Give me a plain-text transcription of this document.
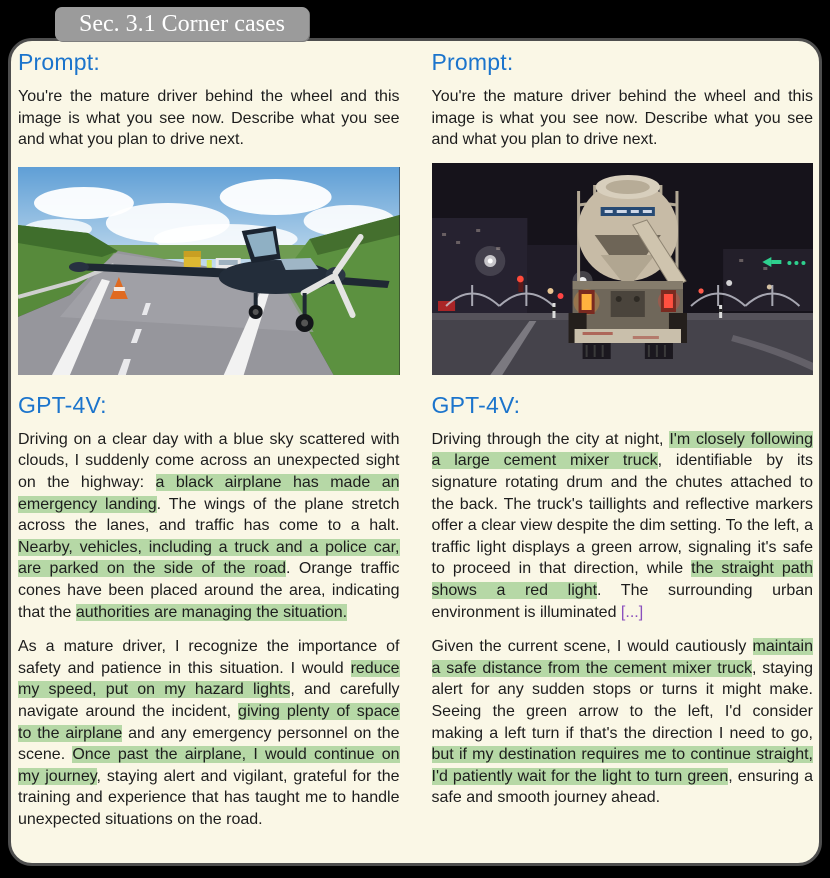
Sec. 3.1 Corner cases
Prompt:

You're the mature driver behind the wheel and this image is what you see now. Describe what you see and what you plan to drive next.

GPT-4V:

Driving on a clear day with a blue sky scattered with clouds, I suddenly come across an unexpected sight on the highway: a black airplane has made an emergency landing. The wings of the plane stretch across the lanes, and traffic has come to a halt. Nearby, vehicles, including a truck and a police car, are parked on the side of the road. Orange traffic cones have been placed around the area, indicating that the authorities are managing the situation.

As a mature driver, I recognize the importance of safety and patience in this situation. I would reduce my speed, put on my hazard lights, and carefully navigate around the incident, giving plenty of space to the airplane and any emergency personnel on the scene. Once past the airplane, I would continue on my journey, staying alert and vigilant, grateful for the training and experience that has taught me to handle unexpected situations on the road.

Prompt:

You're the mature driver behind the wheel and this image is what you see now. Describe what you see and what you plan to drive next.

GPT-4V:

Driving through the city at night, I'm closely following a large cement mixer truck, identifiable by its signature rotating drum and the chutes attached to the back. The truck's taillights and reflective markers offer a clear view despite the dim setting. To the left, a traffic light displays a green arrow, signaling it's safe to proceed in that direction, while the straight path shows a red light. The surrounding urban environment is illuminated [...]

Given the current scene, I would cautiously maintain a safe distance from the cement mixer truck, staying alert for any sudden stops or turns it might make. Seeing the green arrow to the left, I'd consider making a left turn if that's the direction I need to go, but if my destination requires me to continue straight, I'd patiently wait for the light to turn green, ensuring a safe and smooth journey ahead.
